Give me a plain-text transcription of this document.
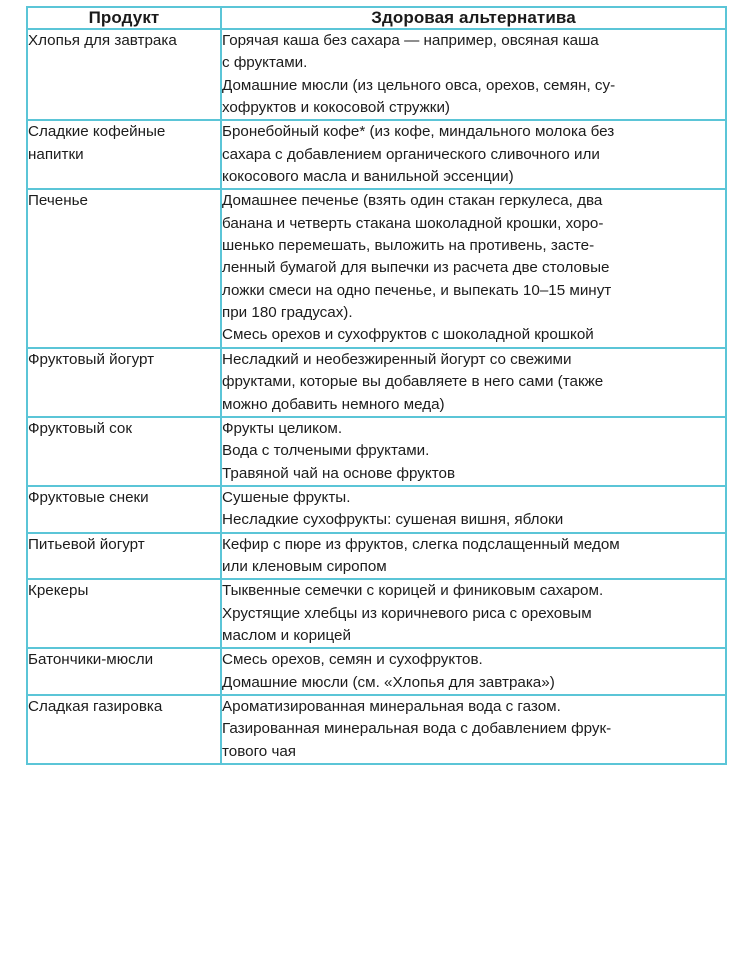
Продукт	Здоровая альтернатива

Хлопья для завтрака	Горячая каша без сахара — например, овсяная каша
с фруктами.
Домашние мюсли (из цельного овса, орехов, семян, су-
хофруктов и кокосовой стружки)

Сладкие кофейные
напитки	Бронебойный кофе* (из кофе, миндального молока без
сахара с добавлением органического сливочного или
кокосового масла и ванильной эссенции)

Печенье	Домашнее печенье (взять один стакан геркулеса, два
банана и четверть стакана шоколадной крошки, хоро-
шенько перемешать, выложить на противень, засте-
ленный бумагой для выпечки из расчета две столовые
ложки смеси на одно печенье, и выпекать 10–15 минут
при 180 градусах).
Смесь орехов и сухофруктов с шоколадной крошкой

Фруктовый йогурт	Несладкий и необезжиренный йогурт со свежими
фруктами, которые вы добавляете в него сами (также
можно добавить немного меда)

Фруктовый сок	Фрукты целиком.
Вода с толчеными фруктами.
Травяной чай на основе фруктов

Фруктовые снеки	Сушеные фрукты.
Несладкие сухофрукты: сушеная вишня, яблоки

Питьевой йогурт	Кефир с пюре из фруктов, слегка подслащенный медом
или кленовым сиропом

Крекеры	Тыквенные семечки с корицей и финиковым сахаром.
Хрустящие хлебцы из коричневого риса с ореховым
маслом и корицей

Батончики-мюсли	Смесь орехов, семян и сухофруктов.
Домашние мюсли (см. «Хлопья для завтрака»)

Сладкая газировка	Ароматизированная минеральная вода с газом.
Газированная минеральная вода с добавлением фрук-
тового чая
